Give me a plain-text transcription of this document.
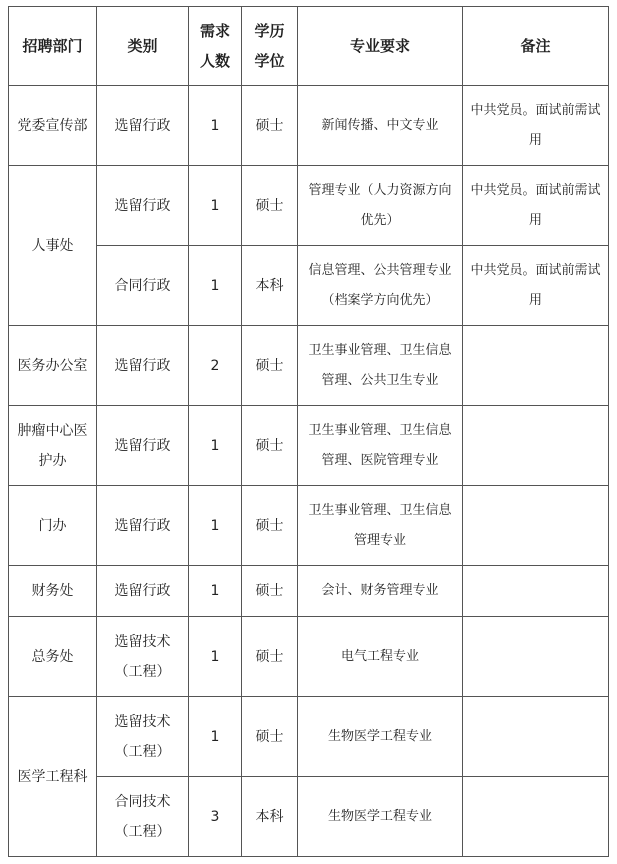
招聘部门	类别	需求人数	学历学位	专业要求	备注
党委宣传部	选留行政	1	硕士	新闻传播、中文专业	中共党员。面试前需试用
人事处	选留行政	1	硕士	管理专业（人力资源方向优先）	中共党员。面试前需试用
	合同行政	1	本科	信息管理、公共管理专业（档案学方向优先）	中共党员。面试前需试用
医务办公室	选留行政	2	硕士	卫生事业管理、卫生信息管理、公共卫生专业	
肿瘤中心医护办	选留行政	1	硕士	卫生事业管理、卫生信息管理、医院管理专业	
门办	选留行政	1	硕士	卫生事业管理、卫生信息管理专业	
财务处	选留行政	1	硕士	会计、财务管理专业	
总务处	选留技术（工程）	1	硕士	电气工程专业	
医学工程科	选留技术（工程）	1	硕士	生物医学工程专业	
	合同技术（工程）	3	本科	生物医学工程专业	
